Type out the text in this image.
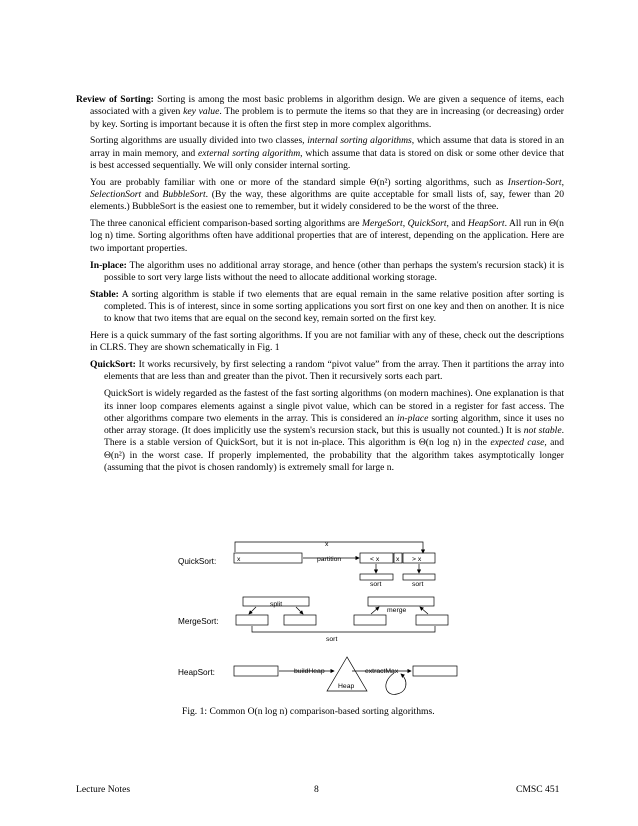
Review of Sorting: Sorting is among the most basic problems in algorithm design. We are given a sequence of items, each associated with a given key value. The problem is to permute the items so that they are in increasing (or decreasing) order by key. Sorting is important because it is often the first step in more complex algorithms.

Sorting algorithms are usually divided into two classes, internal sorting algorithms, which assume that data is stored in an array in main memory, and external sorting algorithm, which assume that data is stored on disk or some other device that is best accessed sequentially. We will only consider internal sorting.

You are probably familiar with one or more of the standard simple Θ(n²) sorting algorithms, such as Insertion-Sort, SelectionSort and BubbleSort. (By the way, these algorithms are quite acceptable for small lists of, say, fewer than 20 elements.) BubbleSort is the easiest one to remember, but it widely considered to be the worst of the three.

The three canonical efficient comparison-based sorting algorithms are MergeSort, QuickSort, and HeapSort. All run in Θ(n log n) time. Sorting algorithms often have additional properties that are of interest, depending on the application. Here are two important properties.

In-place: The algorithm uses no additional array storage, and hence (other than perhaps the system's recursion stack) it is possible to sort very large lists without the need to allocate additional working storage.

Stable: A sorting algorithm is stable if two elements that are equal remain in the same relative position after sorting is completed. This is of interest, since in some sorting applications you sort first on one key and then on another. It is nice to know that two items that are equal on the second key, remain sorted on the first key.

Here is a quick summary of the fast sorting algorithms. If you are not familiar with any of these, check out the descriptions in CLRS. They are shown schematically in Fig. 1

QuickSort: It works recursively, by first selecting a random “pivot value” from the array. Then it partitions the array into elements that are less than and greater than the pivot. Then it recursively sorts each part.

QuickSort is widely regarded as the fastest of the fast sorting algorithms (on modern machines). One explanation is that its inner loop compares elements against a single pivot value, which can be stored in a register for fast access. The other algorithms compare two elements in the array. This is considered an in-place sorting algorithm, since it uses no other array storage. (It does implicitly use the system's recursion stack, but this is usually not counted.) It is not stable. There is a stable version of QuickSort, but it is not in-place. This algorithm is Θ(n log n) in the expected case, and Θ(n²) in the worst case. If properly implemented, the probability that the algorithm takes asymptotically longer (assuming that the pivot is chosen randomly) is extremely small for large n.

QuickSort:
x
x	partition	< x x > x
sort	sort
MergeSort:
split
sort
merge
HeapSort:	buildHeap
Heap
extractMax
Fig. 1: Common O(n log n) comparison-based sorting algorithms.
Lecture Notes	8	CMSC 451
